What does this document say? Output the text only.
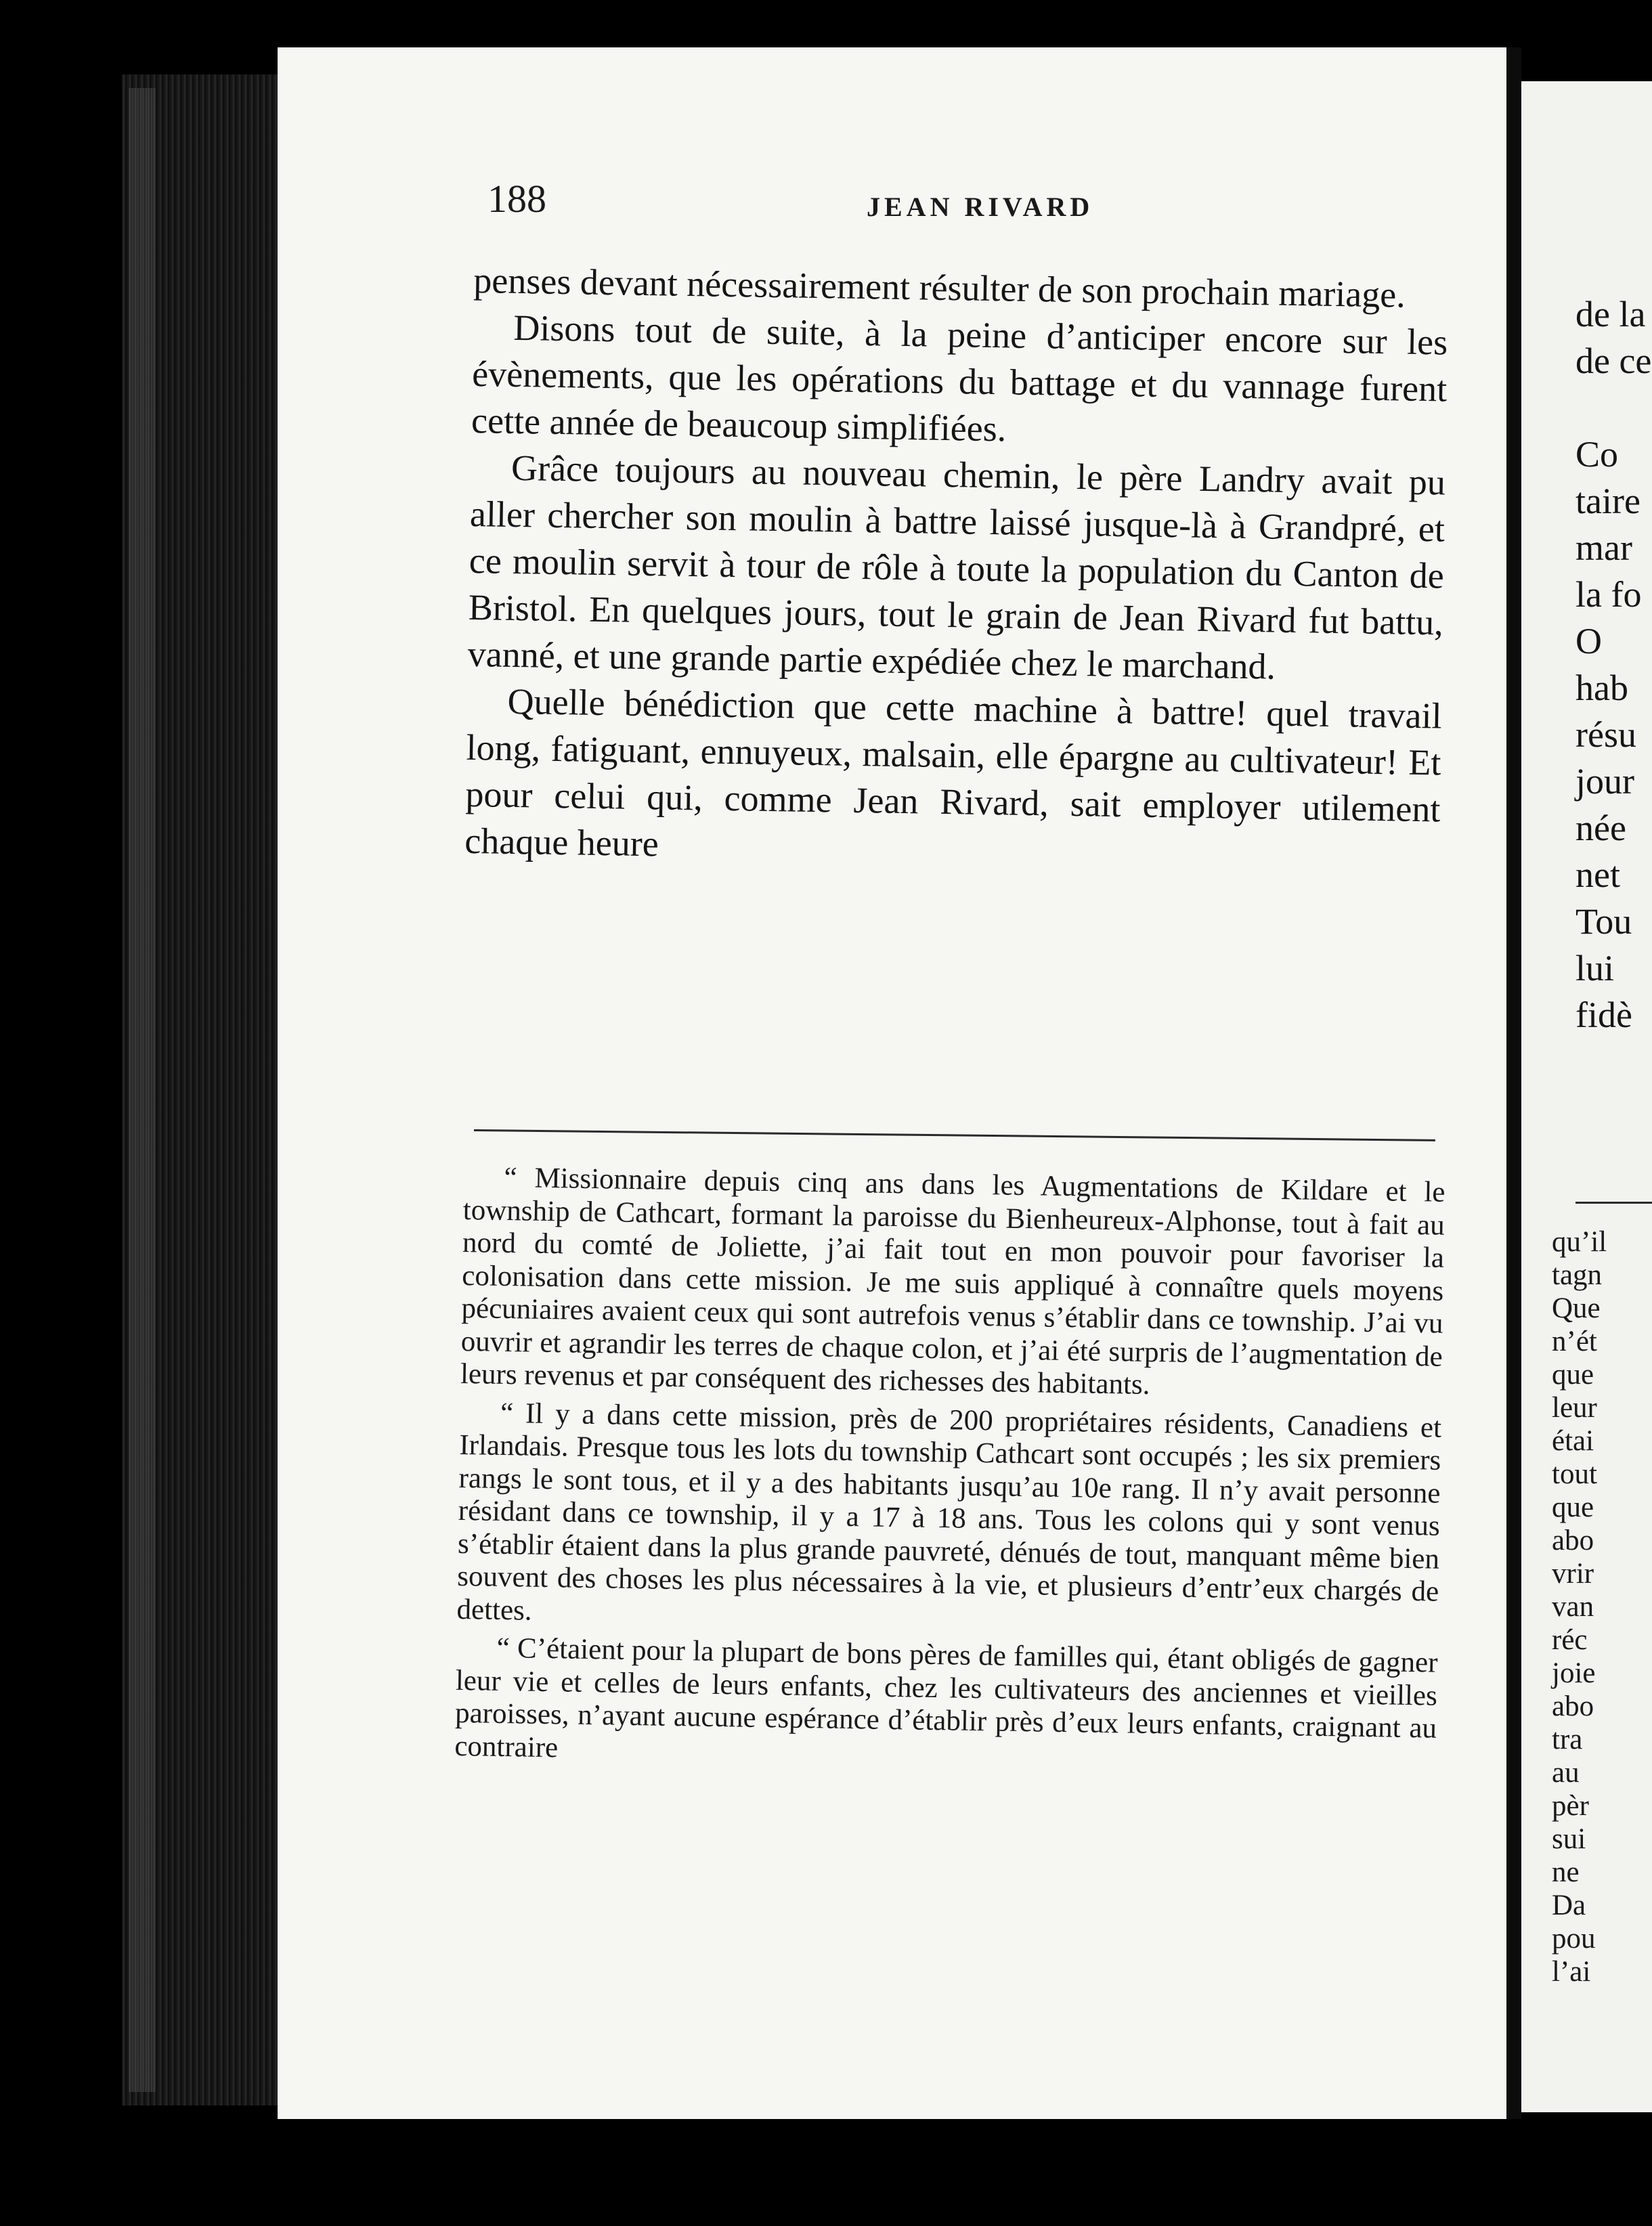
188	JEAN RIVARD

penses devant nécessairement résulter de son prochain mariage.

Disons tout de suite, à la peine d’anticiper encore sur les évènements, que les opérations du battage et du vannage furent cette année de beaucoup simplifiées.

Grâce toujours au nouveau chemin, le père Landry avait pu aller chercher son moulin à battre laissé jusque-là à Grandpré, et ce moulin servit à tour de rôle à toute la population du Canton de Bristol. En quelques jours, tout le grain de Jean Rivard fut battu, vanné, et une grande partie expédiée chez le marchand.

Quelle bénédiction que cette machine à battre! quel travail long, fatiguant, ennuyeux, malsain, elle épargne au cultivateur! Et pour celui qui, comme Jean Rivard, sait employer utilement chaque heure

“ Missionnaire depuis cinq ans dans les Augmentations de Kildare et le township de Cathcart, formant la paroisse du Bienheureux-Alphonse, tout à fait au nord du comté de Joliette, j’ai fait tout en mon pouvoir pour favoriser la colonisation dans cette mission. Je me suis appliqué à connaître quels moyens pécuniaires avaient ceux qui sont autrefois venus s’établir dans ce township. J’ai vu ouvrir et agrandir les terres de chaque colon, et j’ai été surpris de l’augmentation de leurs revenus et par conséquent des richesses des habitants.

“ Il y a dans cette mission, près de 200 propriétaires résidents, Canadiens et Irlandais. Presque tous les lots du township Cathcart sont occupés ; les six premiers rangs le sont tous, et il y a des habitants jusqu’au 10e rang. Il n’y avait personne résidant dans ce township, il y a 17 à 18 ans. Tous les colons qui y sont venus s’établir étaient dans la plus grande pauvreté, dénués de tout, manquant même bien souvent des choses les plus nécessaires à la vie, et plusieurs d’entr’eux chargés de dettes.

“ C’étaient pour la plupart de bons pères de familles qui, étant obligés de gagner leur vie et celles de leurs enfants, chez les cultivateurs des anciennes et vieilles paroisses, n’ayant aucune espérance d’établir près d’eux leurs enfants, craignant au contraire

de la
de ce

Co
taire
mar
la fo
O
hab
résu
jour
née
net
Tou
lui
fidè
qu’il
tagn
Que
n’ét
que
leur
étai
tout
que
abo
vrir
van
réc
joie
abo
tra
au
pèr
sui
ne
Da
pou
l’ai
